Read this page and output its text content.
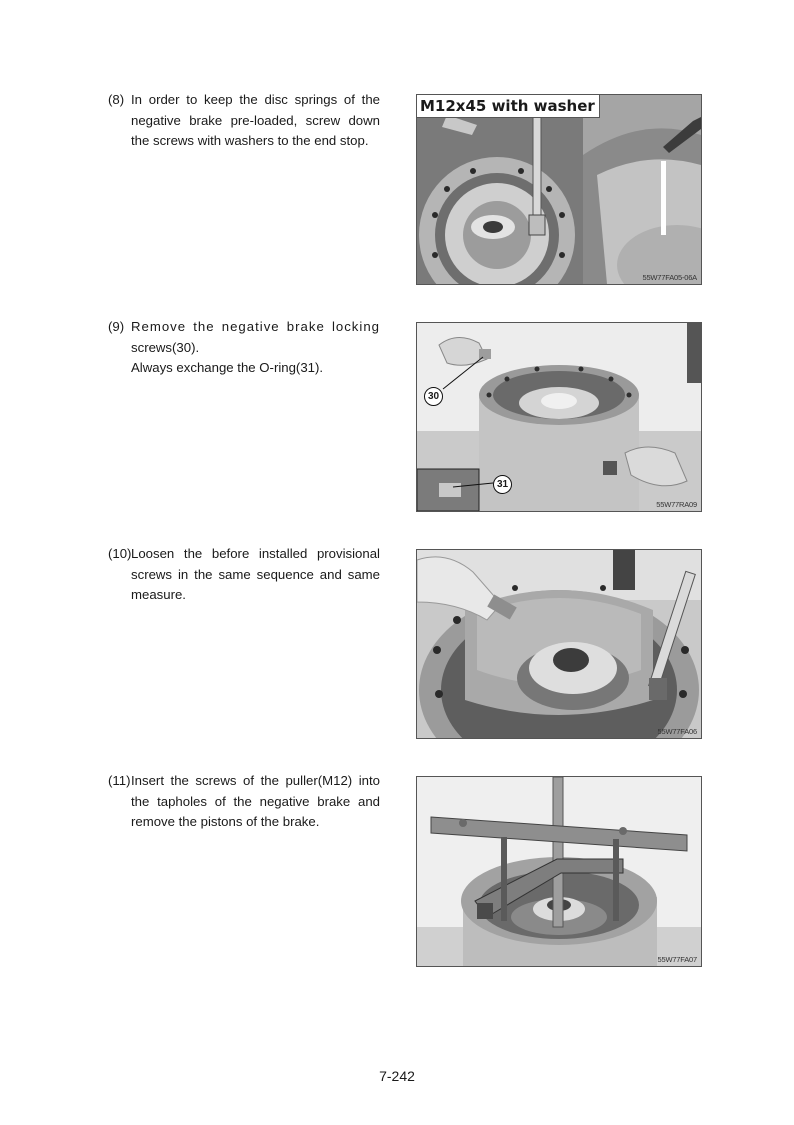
(8) In order to keep the disc springs of the
negative brake pre-loaded, screw down
the screws with washers to the end stop.
M12x45 with washer
55W77FA05-06A
(9) Remove the negative brake locking
screws(30).
Always exchange the O-ring(31).
30
31
55W77RA09
(10) Loosen the before installed provisional
screws in the same sequence and same
measure.
55W77FA06
(11) Insert the screws of the puller(M12) into
the tapholes of the negative brake and
remove the pistons of the brake.
55W77FA07
7-242
